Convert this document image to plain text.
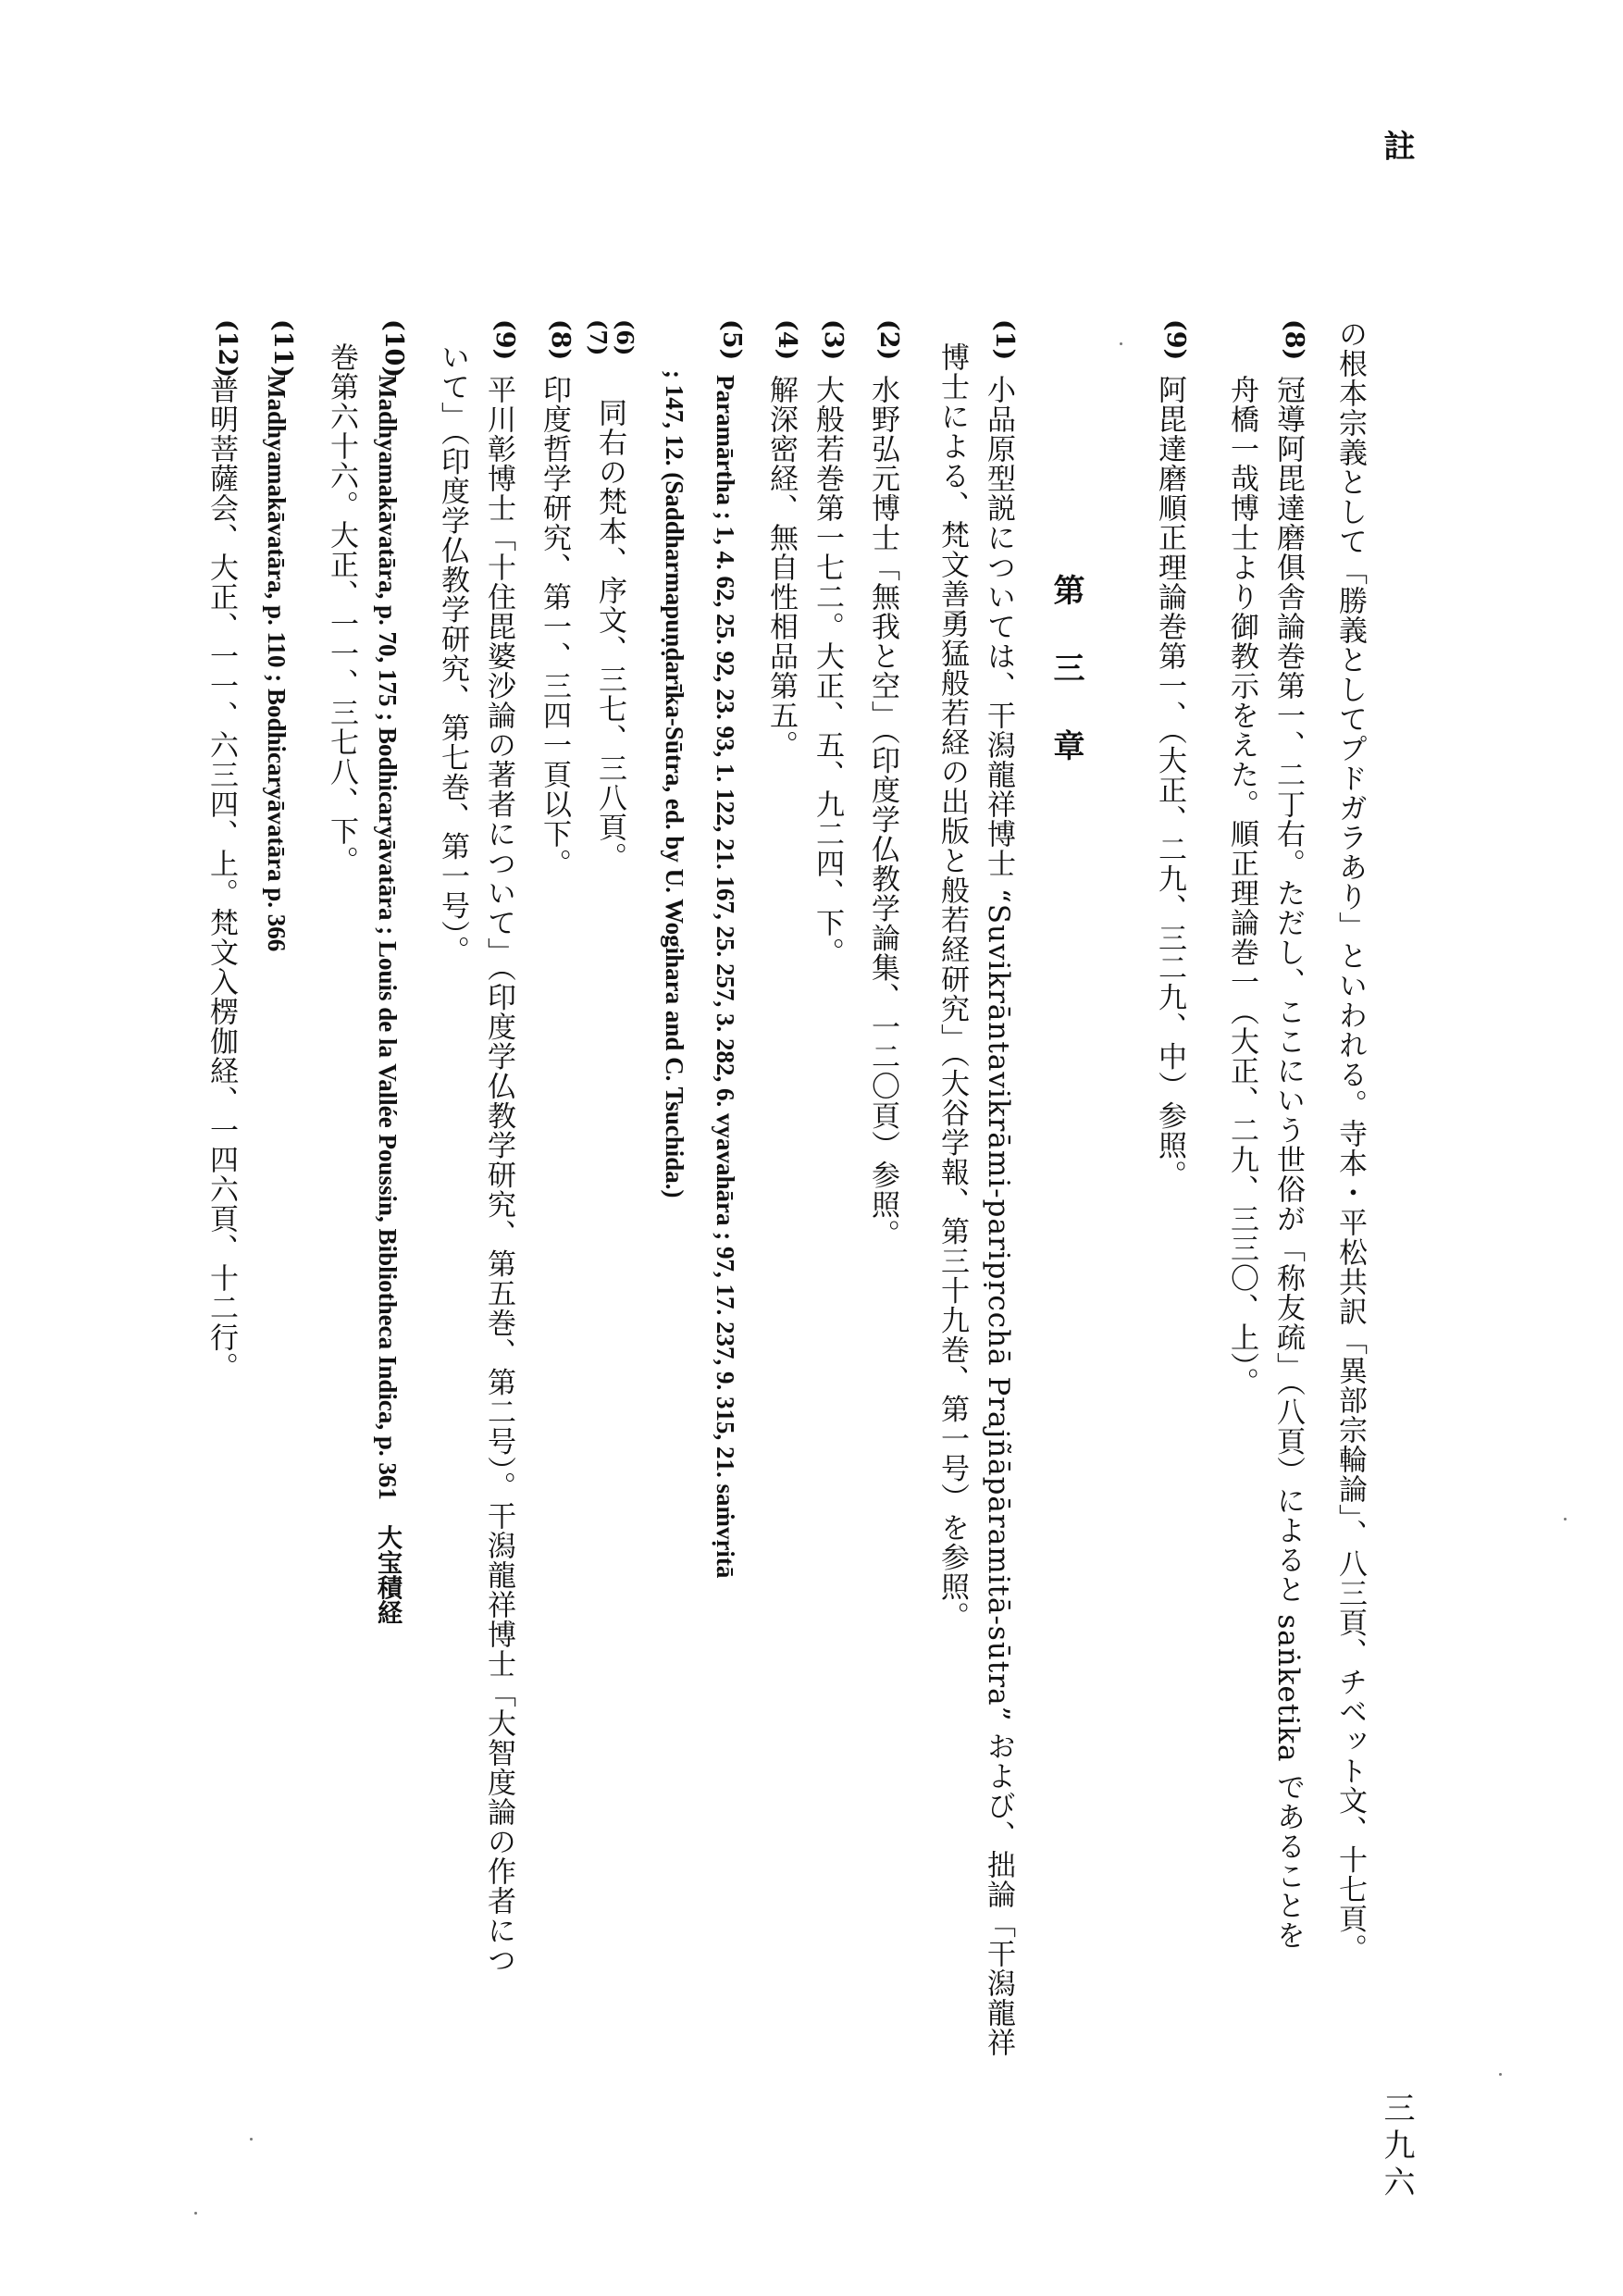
註
三九六
の根本宗義として「勝義としてプドガラあり」といわれる。寺本・平松共訳「異部宗輪論」、八三頁、チベット文、十七頁。
(8)
冠導阿毘達磨俱舎論巻第一、二丁右。ただし、ここにいう世俗が「称友疏」（八頁）によると saṅketika であることを
舟橋一哉博士より御教示をえた。順正理論巻一（大正、二九、三三〇、上）。
(9)
阿毘達磨順正理論巻第一、（大正、二九、三二九、中）参照。
第三章
(1)
小品原型説については、干潟龍祥博士 “Suvikrāntavikrāmi-paripṛcchā Prajñāpāramitā-sūtra” および、拙論「干潟龍祥
博士による、梵文善勇猛般若経の出版と般若経研究」（大谷学報、第三十九巻、第一号）を参照。
(2)
水野弘元博士「無我と空」（印度学仏教学論集、一二〇頁）参照。
(3)
大般若巻第一七二。大正、五、九二四、下。
(4)
解深密経、無自性相品第五。
(5)
Paramārtha ; 1, 4. 62, 25. 92, 23. 93, 1. 122, 21. 167, 25. 257, 3. 282, 6. vyavahāra ; 97, 17. 237, 9. 315, 21. saṁvṛitā
; 147, 12. (Saddharmapuṇḍarīka-Sūtra, ed. by U. Wogihara and C. Tsuchida.)
(6)(7)
同右の梵本、序文、三七、三八頁。
(8)
印度哲学研究、第一、三四一頁以下。
(9)
平川彰博士「十住毘婆沙論の著者について」（印度学仏教学研究、第五巻、第二号）。干潟龍祥博士「大智度論の作者につ
いて」（印度学仏教学研究、第七巻、第一号）。
(10)
Madhyamakāvatāra, p. 70, 175 ; Bodhicaryāvatāra ; Louis de la Vallée Poussin, Bibliotheca Indica, p. 361　大宝積経
巻第六十六。大正、一一、三七八、下。
(11)
Madhyamakāvatāra, p. 110 ; Bodhicaryāvatāra p. 366
(12)
普明菩薩会、大正、一一、六三四、上。梵文入楞伽経、一四六頁、十二行。
